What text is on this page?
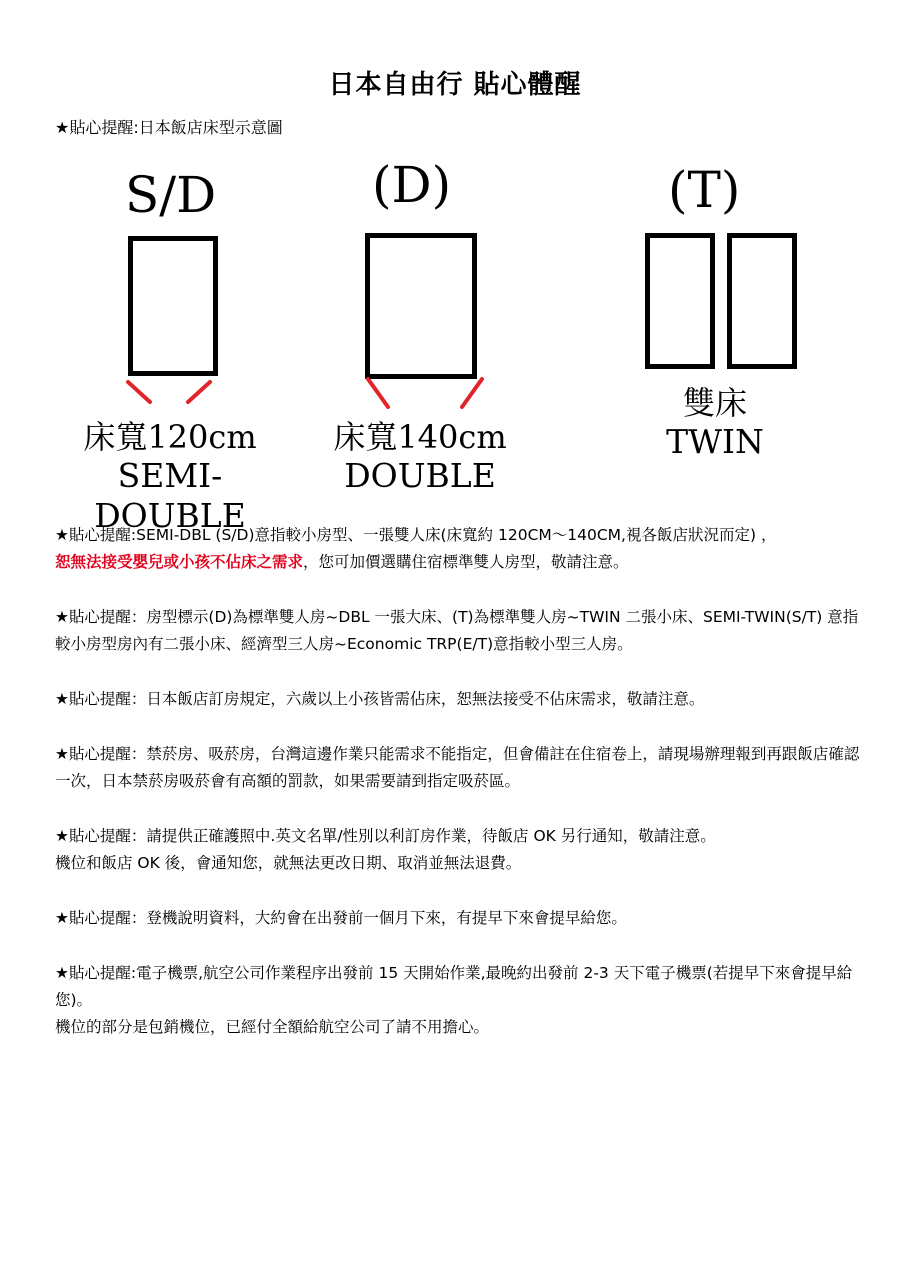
日本自由行 貼心體醒
★貼心提醒:日本飯店床型示意圖
S/D
床寬120cm
SEMI-DOUBLE
(D)
床寬140cm
DOUBLE
(T)
雙床
TWIN

★貼心提醒:SEMI-DBL (S/D)意指較小房型、一張雙人床(床寬約 120CM～140CM,視各飯店狀況而定) ，

恕無法接受嬰兒或小孩不佔床之需求，您可加價選購住宿標準雙人房型，敬請注意。

★貼心提醒：房型標示(D)為標準雙人房~DBL 一張大床、(T)為標準雙人房~TWIN 二張小床、SEMI-TWIN(S/T) 意指較小房型房內有二張小床、經濟型三人房~Economic TRP(E/T)意指較小型三人房。

★貼心提醒：日本飯店訂房規定，六歲以上小孩皆需佔床，恕無法接受不佔床需求，敬請注意。

★貼心提醒：禁菸房、吸菸房，台灣這邊作業只能需求不能指定，但會備註在住宿卷上，請現場辦理報到再跟飯店確認一次，日本禁菸房吸菸會有高額的罰款，如果需要請到指定吸菸區。

★貼心提醒：請提供正確護照中.英文名單/性別以利訂房作業，待飯店 OK 另行通知，敬請注意。

機位和飯店 OK 後，會通知您，就無法更改日期、取消並無法退費。

★貼心提醒：登機說明資料，大約會在出發前一個月下來，有提早下來會提早給您。

★貼心提醒:電子機票,航空公司作業程序出發前 15 天開始作業,最晚約出發前 2-3 天下電子機票(若提早下來會提早給您)。

機位的部分是包銷機位，已經付全額給航空公司了請不用擔心。
